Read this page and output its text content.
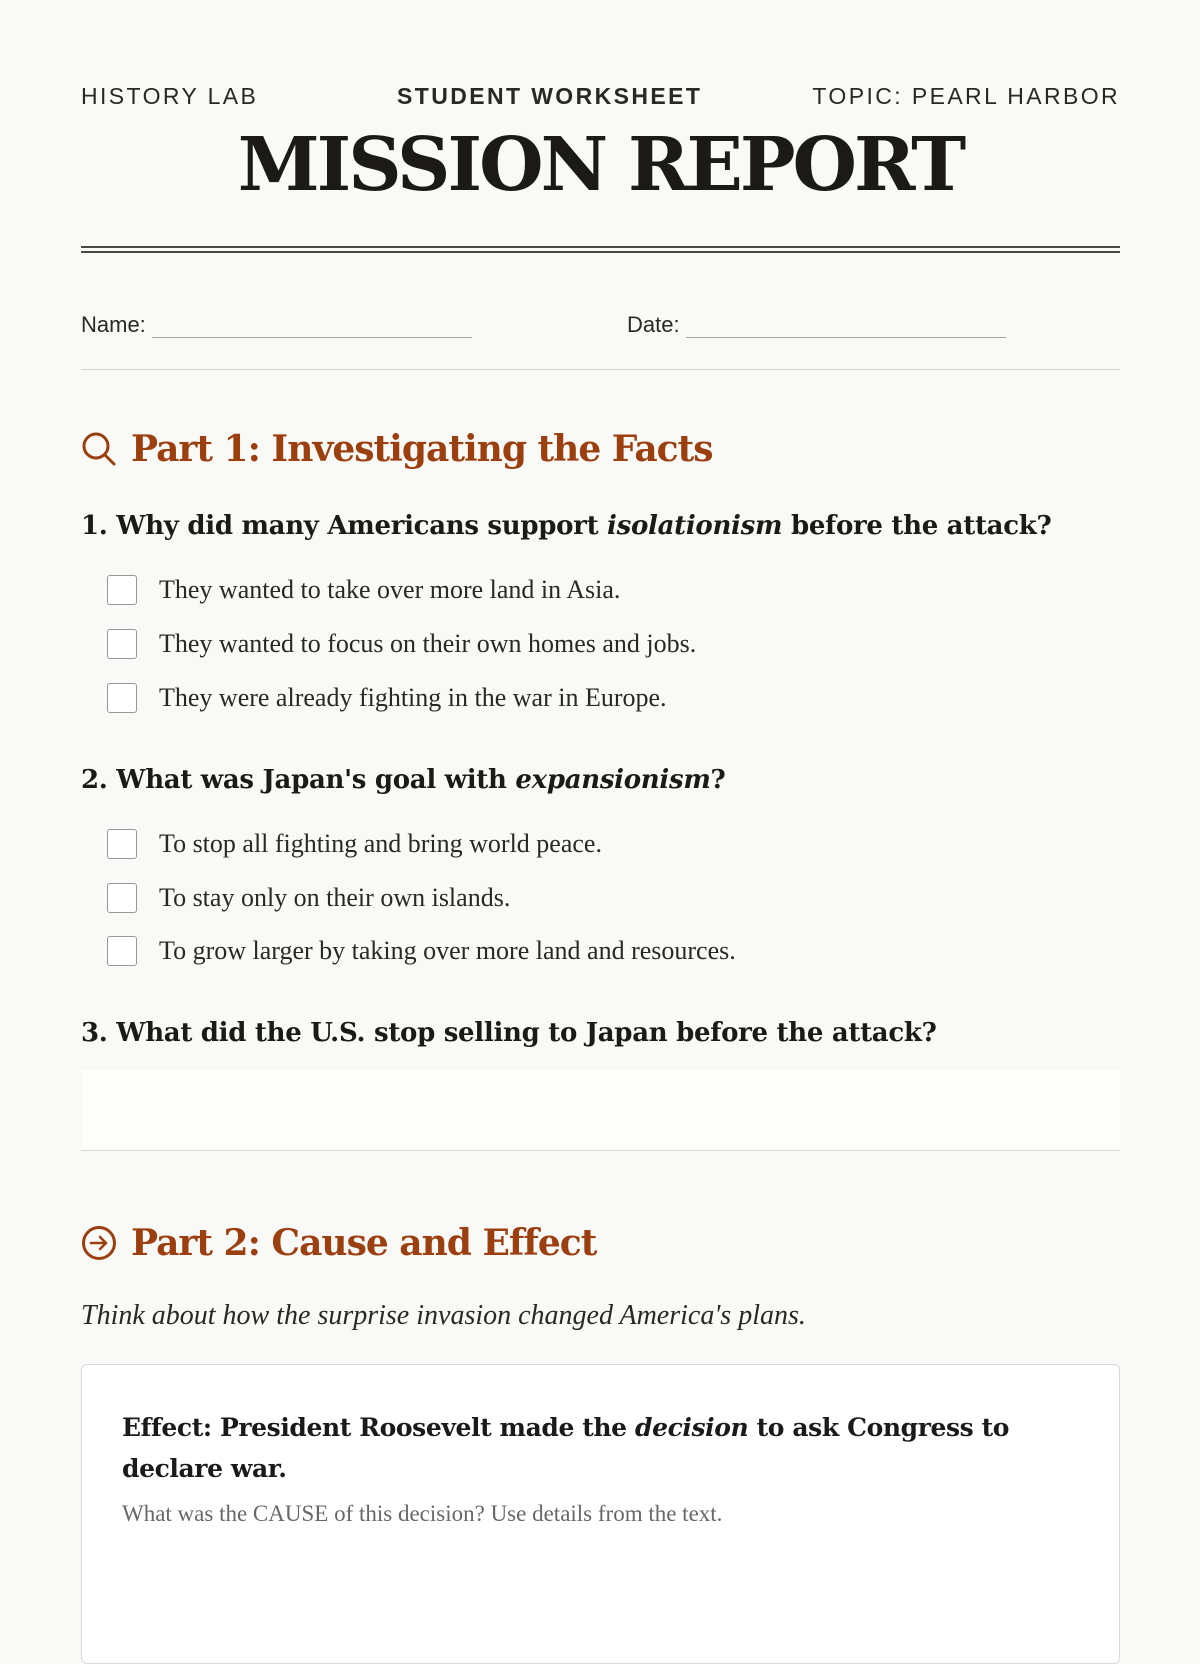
HISTORY LAB	STUDENT WORKSHEET	TOPIC: PEARL HARBOR
MISSION REPORT
Name:	Date:
Part 1: Investigating the Facts
1. Why did many Americans support isolationism before the attack?
They wanted to take over more land in Asia.
They wanted to focus on their own homes and jobs.
They were already fighting in the war in Europe.
2. What was Japan's goal with expansionism?
To stop all fighting and bring world peace.
To stay only on their own islands.
To grow larger by taking over more land and resources.
3. What did the U.S. stop selling to Japan before the attack?
Part 2: Cause and Effect
Think about how the surprise invasion changed America's plans.
Effect: President Roosevelt made the decision to ask Congress to declare war.
What was the CAUSE of this decision? Use details from the text.
